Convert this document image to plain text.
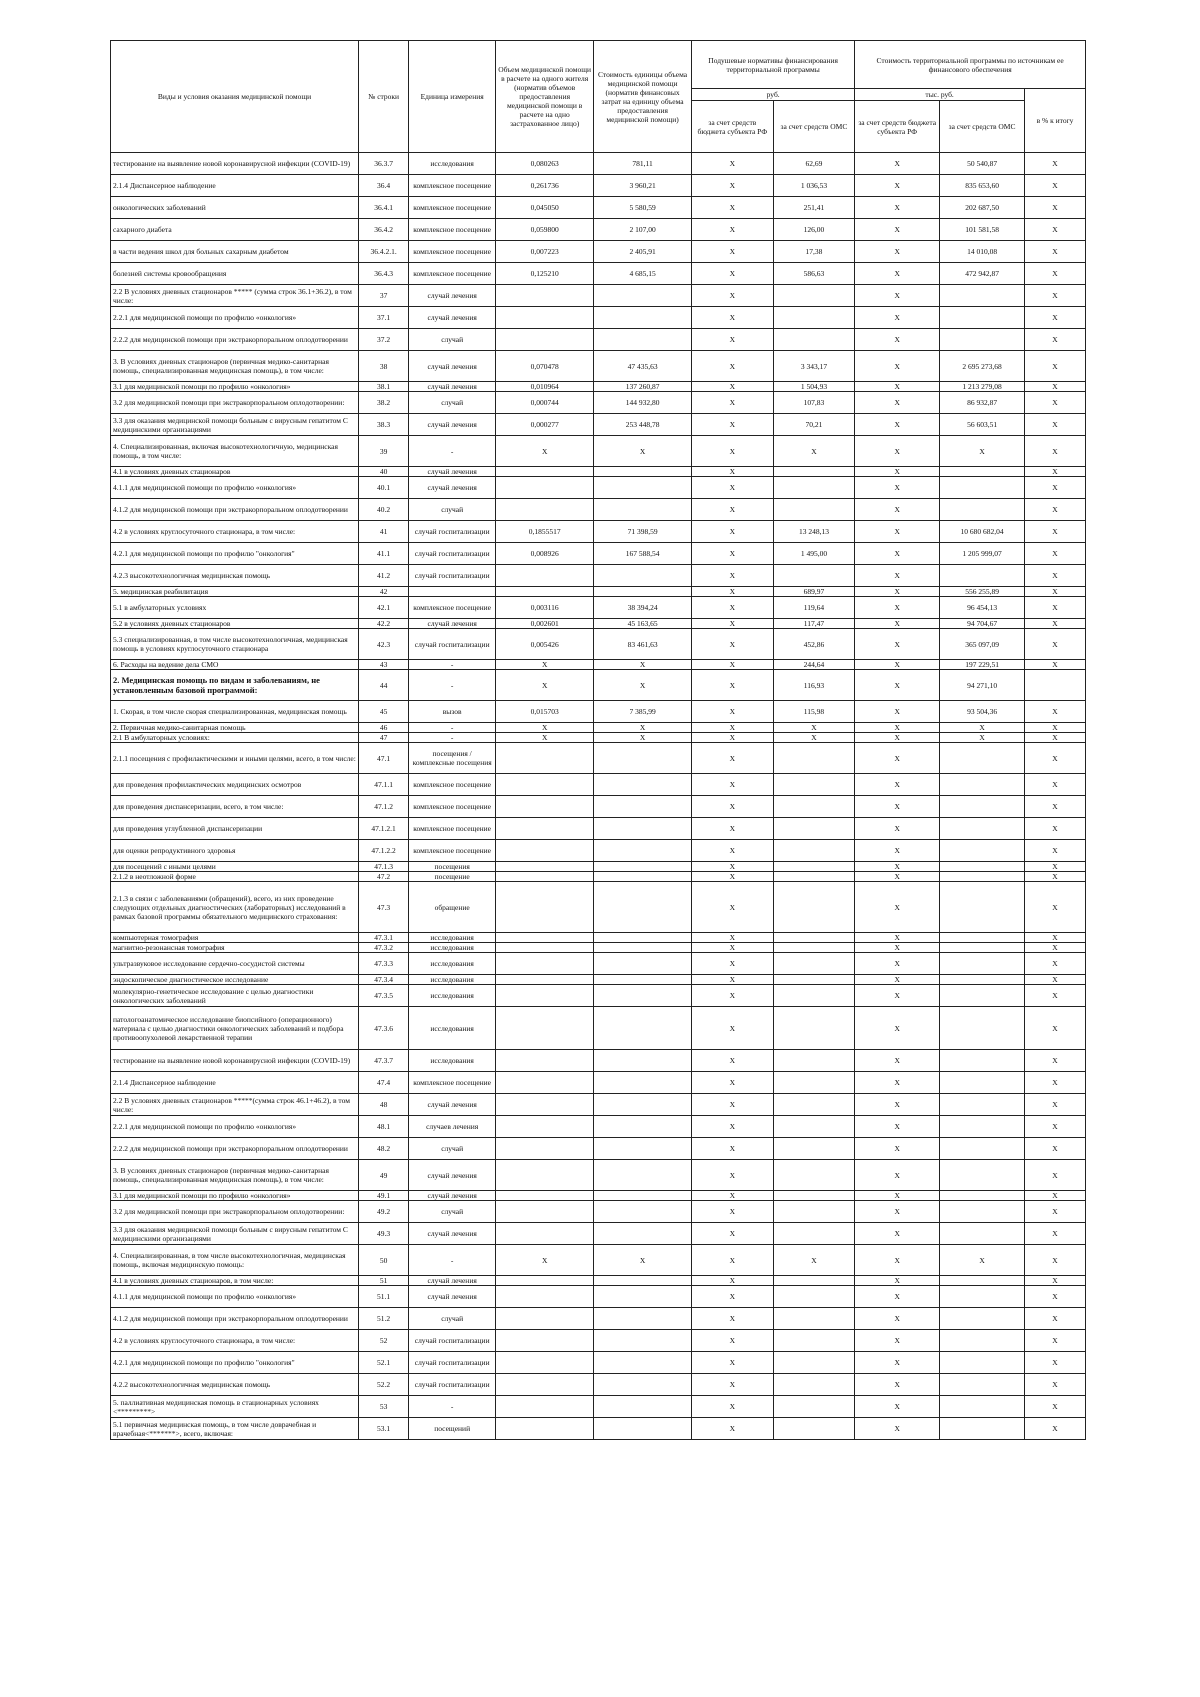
Виды и условия оказания медицинской помощи	№ строки	Единица измерения	Объем медицинской помощи в расчете на одного жителя (норматив объемов предоставления медицинской помощи в расчете на одно застрахованное лицо)	Стоимость единицы объема медицинской помощи (норматив финансовых затрат на единицу объема предоставления медицинской помощи)	Подушевые нормативы финансирования территориальной программы		Стоимость территориальной программы по источникам ее финансового обеспечения		
					руб.		тыс. руб.		в % к итогу
					за счет средств бюджета субъекта РФ	за счет средств ОМС	за счет средств бюджета субъекта РФ	за счет средств ОМС	
тестирование на выявление новой коронавирусной инфекции (COVID-19)	36.3.7	исследования	0,080263	781,11	X	62,69	X	50 540,87	X
2.1.4 Диспансерное наблюдение	36.4	комплексное посещение	0,261736	3 960,21	X	1 036,53	X	835 653,60	X
онкологических заболеваний	36.4.1	комплексное посещение	0,045050	5 580,59	X	251,41	X	202 687,50	X
сахарного диабета	36.4.2	комплексное посещение	0,059800	2 107,00	X	126,00	X	101 581,58	X
в части ведения школ для больных сахарным диабетом	36.4.2.1.	комплексное посещение	0,007223	2 405,91	X	17,38	X	14 010,08	X
болезней системы кровообращения	36.4.3	комплексное посещение	0,125210	4 685,15	X	586,63	X	472 942,87	X
2.2 В условиях дневных стационаров ***** (сумма строк 36.1+36.2), в том числе:	37	случай лечения			X		X		X
2.2.1 для медицинской помощи по профилю «онкология»	37.1	случай лечения			X		X		X
2.2.2 для медицинской помощи при экстракорпоральном оплодотворении	37.2	случай			X		X		X
3. В условиях дневных стационаров (первичная медико-санитарная помощь, специализированная медицинская помощь), в том числе:	38	случай лечения	0,070478	47 435,63	X	3 343,17	X	2 695 273,68	X
3.1 для медицинской помощи по профилю «онкология»	38.1	случай лечения	0,010964	137 260,87	X	1 504,93	X	1 213 279,08	X
3.2 для медицинской помощи при экстракорпоральном оплодотворении:	38.2	случай	0,000744	144 932,80	X	107,83	X	86 932,87	X
3.3 для оказания медицинской помощи больным с вирусным гепатитом С медицинскими организациями	38.3	случай лечения	0,000277	253 448,78	X	70,21	X	56 603,51	X
4. Специализированная, включая высокотехнологичную, медицинская помощь, в том числе:	39	-	X	X	X	X	X	X	X
4.1 в условиях дневных стационаров	40	случай лечения			X		X		X
4.1.1 для медицинской помощи по профилю «онкология»	40.1	случай лечения			X		X		X
4.1.2 для медицинской помощи при экстракорпоральном оплодотворении	40.2	случай			X		X		X
4.2 в условиях круглосуточного стационара, в том числе:	41	случай госпитализации	0,1855517	71 398,59	X	13 248,13	X	10 680 682,04	X
4.2.1 для медицинской помощи по профилю "онкология"	41.1	случай госпитализации	0,008926	167 588,54	X	1 495,00	X	1 205 999,07	X
4.2.3 высокотехнологичная медицинская помощь	41.2	случай госпитализации			X		X		X
5. медицинская реабилитация	42				X	689,97	X	556 255,89	X
5.1 в амбулаторных условиях	42.1	комплексное посещение	0,003116	38 394,24	X	119,64	X	96 454,13	X
5.2 в условиях дневных стационаров	42.2	случай лечения	0,002601	45 163,65	X	117,47	X	94 704,67	X
5.3 специализированная, в том числе высокотехнологичная, медицинская помощь в условиях круглосуточного стационара	42.3	случай госпитализации	0,005426	83 461,63	X	452,86	X	365 097,09	X
6. Расходы на ведение дела СМО	43	-	X	X	X	244,64	X	197 229,51	X
2. Медицинская помощь по видам и заболеваниям, не установленным базовой программой:	44	-	X	X	X	116,93	X	94 271,10	
1. Скорая, в том числе скорая специализированная, медицинская помощь	45	вызов	0,015703	7 385,99	X	115,98	X	93 504,36	X
2. Первичная медико-санитарная помощь	46	-	X	X	X	X	X	X	X
2.1 В амбулаторных условиях:	47	-	X	X	X	X	X	X	X
2.1.1 посещения с профилактическими и иными целями, всего, в том числе:	47.1	посещения / комплексные посещения			X		X		X
для проведения профилактических медицинских осмотров	47.1.1	комплексное посещение			X		X		X
для проведения диспансеризации, всего, в том числе:	47.1.2	комплексное посещение			X		X		X
для проведения углубленной диспансеризации	47.1.2.1	комплексное посещение			X		X		X
для оценки репродуктивного здоровья	47.1.2.2	комплексное посещение			X		X		X
для посещений с иными целями	47.1.3	посещения			X		X		X
2.1.2 в неотложной форме	47.2	посещение			X		X		X
2.1.3 в связи с заболеваниями (обращений), всего, из них проведение следующих отдельных диагностических (лабораторных) исследований в рамках базовой программы обязательного медицинского страхования:	47.3	обращение			X		X		X
компьютерная томография	47.3.1	исследования			X		X		X
магнитно-резонансная томография	47.3.2	исследования			X		X		X
ультразвуковое исследование сердечно-сосудистой системы	47.3.3	исследования			X		X		X
эндоскопическое диагностическое исследование	47.3.4	исследования			X		X		X
молекулярно-генетическое исследование с целью диагностики онкологических заболеваний	47.3.5	исследования			X		X		X
патологоанатомическое исследование биопсийного (операционного) материала с целью диагностики онкологических заболеваний и подбора противоопухолевой лекарственной терапии	47.3.6	исследования			X		X		X
тестирование на выявление новой коронавирусной инфекции (COVID-19)	47.3.7	исследования			X		X		X
2.1.4 Диспансерное наблюдение	47.4	комплексное посещение			X		X		X
2.2 В условиях дневных стационаров *****(сумма строк 46.1+46.2), в том числе:	48	случай лечения			X		X		X
2.2.1 для медицинской помощи по профилю «онкология»	48.1	случаев лечения			X		X		X
2.2.2 для медицинской помощи при экстракорпоральном оплодотворении	48.2	случай			X		X		X
3. В условиях дневных стационаров (первичная медико-санитарная помощь, специализированная медицинская помощь), в том числе:	49	случай лечения			X		X		X
3.1 для медицинской помощи по профилю «онкология»	49.1	случай лечения			X		X		X
3.2 для медицинской помощи при экстракорпоральном оплодотворении:	49.2	случай			X		X		X
3.3 для оказания медицинской помощи больным с вирусным гепатитом С медицинскими организациями	49.3	случай лечения			X		X		X
4. Специализированная, в том числе высокотехнологичная, медицинская помощь, включая медицинскую помощь:	50	-	X	X	X	X	X	X	X
4.1 в условиях дневных стационаров, в том числе:	51	случай лечения			X		X		X
4.1.1 для медицинской помощи по профилю «онкология»	51.1	случай лечения			X		X		X
4.1.2 для медицинской помощи при экстракорпоральном оплодотворении	51.2	случай			X		X		X
4.2 в условиях круглосуточного стационара, в том числе:	52	случай госпитализации			X		X		X
4.2.1 для медицинской помощи по профилю "онкология"	52.1	случай госпитализации			X		X		X
4.2.2 высокотехнологичная медицинская помощь	52.2	случай госпитализации			X		X		X
5. паллиативная медицинская помощь в стационарных условиях <*********>	53	-			X		X		X
5.1 первичная медицинская помощь, в том числе доврачебная и врачебная<*******>, всего, включая:	53.1	посещений			X		X		X
